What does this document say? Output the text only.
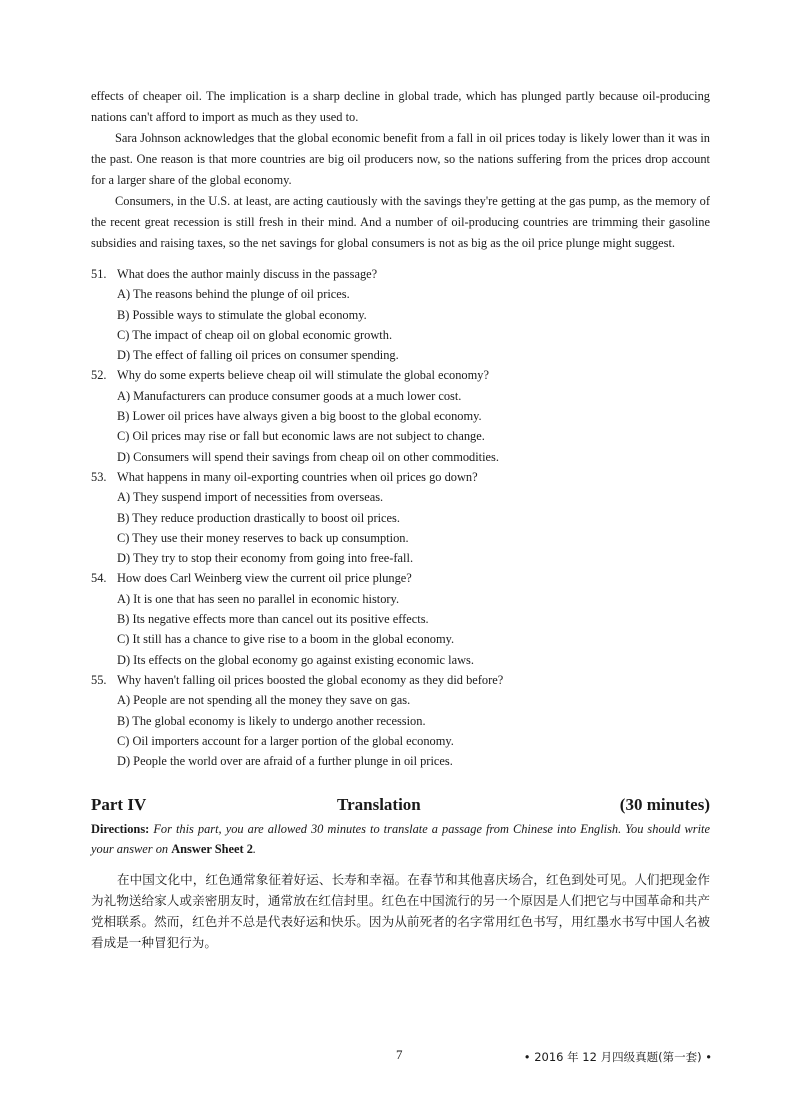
effects of cheaper oil. The implication is a sharp decline in global trade, which has plunged partly because oil-producing nations can't afford to import as much as they used to.

Sara Johnson acknowledges that the global economic benefit from a fall in oil prices today is likely lower than it was in the past. One reason is that more countries are big oil producers now, so the nations suffering from the prices drop account for a larger share of the global economy.

Consumers, in the U.S. at least, are acting cautiously with the savings they're getting at the gas pump, as the memory of the recent great recession is still fresh in their mind. And a number of oil-producing countries are trimming their gasoline subsidies and raising taxes, so the net savings for global consumers is not as big as the oil price plunge might suggest.

51. What does the author mainly discuss in the passage?

A) The reasons behind the plunge of oil prices.

B) Possible ways to stimulate the global economy.

C) The impact of cheap oil on global economic growth.

D) The effect of falling oil prices on consumer spending.

52. Why do some experts believe cheap oil will stimulate the global economy?

A) Manufacturers can produce consumer goods at a much lower cost.

B) Lower oil prices have always given a big boost to the global economy.

C) Oil prices may rise or fall but economic laws are not subject to change.

D) Consumers will spend their savings from cheap oil on other commodities.

53. What happens in many oil-exporting countries when oil prices go down?

A) They suspend import of necessities from overseas.

B) They reduce production drastically to boost oil prices.

C) They use their money reserves to back up consumption.

D) They try to stop their economy from going into free-fall.

54. How does Carl Weinberg view the current oil price plunge?

A) It is one that has seen no parallel in economic history.

B) Its negative effects more than cancel out its positive effects.

C) It still has a chance to give rise to a boom in the global economy.

D) Its effects on the global economy go against existing economic laws.

55. Why haven't falling oil prices boosted the global economy as they did before?

A) People are not spending all the money they save on gas.

B) The global economy is likely to undergo another recession.

C) Oil importers account for a larger portion of the global economy.

D) People the world over are afraid of a further plunge in oil prices.

Part IV	Translation	(30 minutes)

Directions: For this part, you are allowed 30 minutes to translate a passage from Chinese into English. You should write your answer on Answer Sheet 2.

在中国文化中，红色通常象征着好运、长寿和幸福。在春节和其他喜庆场合，红色到处可见。人们把现金作为礼物送给家人或亲密朋友时，通常放在红信封里。红色在中国流行的另一个原因是人们把它与中国革命和共产党相联系。然而，红色并不总是代表好运和快乐。因为从前死者的名字常用红色书写，用红墨水书写中国人名被看成是一种冒犯行为。

7	• 2016 年 12 月四级真题(第一套) •
